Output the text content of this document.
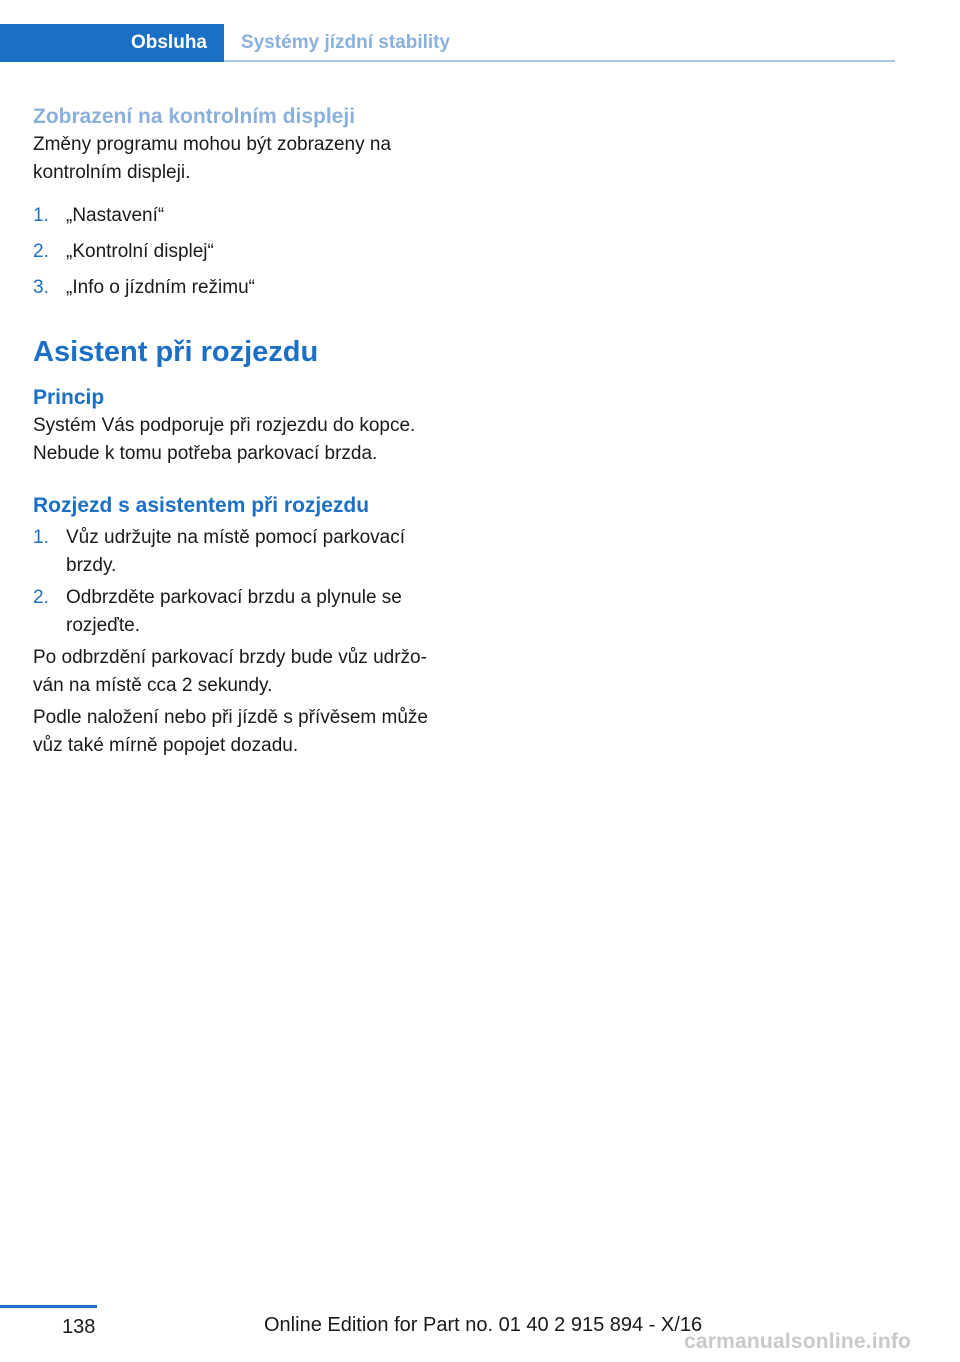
Obsluha	Systémy jízdní stability
Zobrazení na kontrolním displeji

Změny programu mohou být zobrazeny na kontrolním displeji.

1. „Nastavení“
2. „Kontrolní displej“
3. „Info o jízdním režimu“
Asistent při rozjezdu
Princip

Systém Vás podporuje při rozjezdu do kopce. Nebude k tomu potřeba parkovací brzda.

Rozjezd s asistentem při rozjezdu
1. Vůz udržujte na místě pomocí parkovací brzdy.
2. Odbrzděte parkovací brzdu a plynule se rozjeďte.

Po odbrzdění parkovací brzdy bude vůz udržo‐ván na místě cca 2 sekundy.

Podle naložení nebo při jízdě s přívěsem může vůz také mírně popojet dozadu.

138	Online Edition for Part no. 01 40 2 915 894 - X/16
carmanualsonline.info
